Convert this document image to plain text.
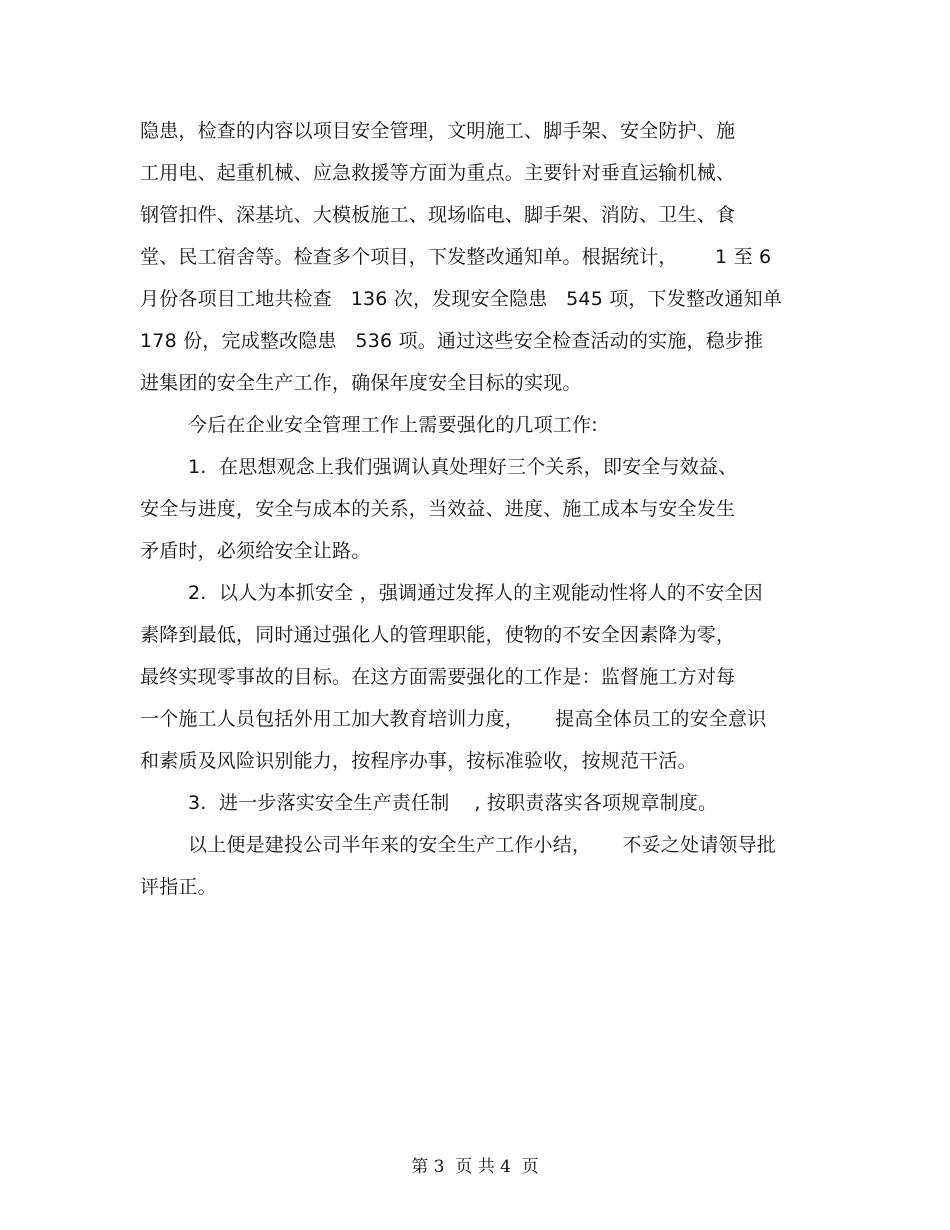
隐患，检查的内容以项目安全管理，文明施工、脚手架、安全防护、施
工用电、起重机械、应急救援等方面为重点。主要针对垂直运输机械、
钢管扣件、深基坑、大模板施工、现场临电、脚手架、消防、卫生、食
堂、民工宿舍等。检查多个项目，下发整改通知单。根据统计，      1 至 6
月份各项目工地共检查   136 次，发现安全隐患   545 项，下发整改通知单
178 份，完成整改隐患   536 项。通过这些安全检查活动的实施，稳步推
进集团的安全生产工作，确保年度安全目标的实现。
今后在企业安全管理工作上需要强化的几项工作:
1.  在思想观念上我们强调认真处理好三个关系，即安全与效益、
安全与进度，安全与成本的关系，当效益、进度、施工成本与安全发生
矛盾时，必须给安全让路。
2.  以人为本抓安全 ，强调通过发挥人的主观能动性将人的不安全因
素降到最低，同时通过强化人的管理职能，使物的不安全因素降为零，
最终实现零事故的目标。在这方面需要强化的工作是：监督施工方对每
一个施工人员包括外用工加大教育培训力度，     提高全体员工的安全意识
和素质及风险识别能力，按程序办事，按标准验收，按规范干活。
3.  进一步落实安全生产责任制    , 按职责落实各项规章制度。
以上便是建投公司半年来的安全生产工作小结，     不妥之处请领导批
评指正。
第 3  页 共 4  页
